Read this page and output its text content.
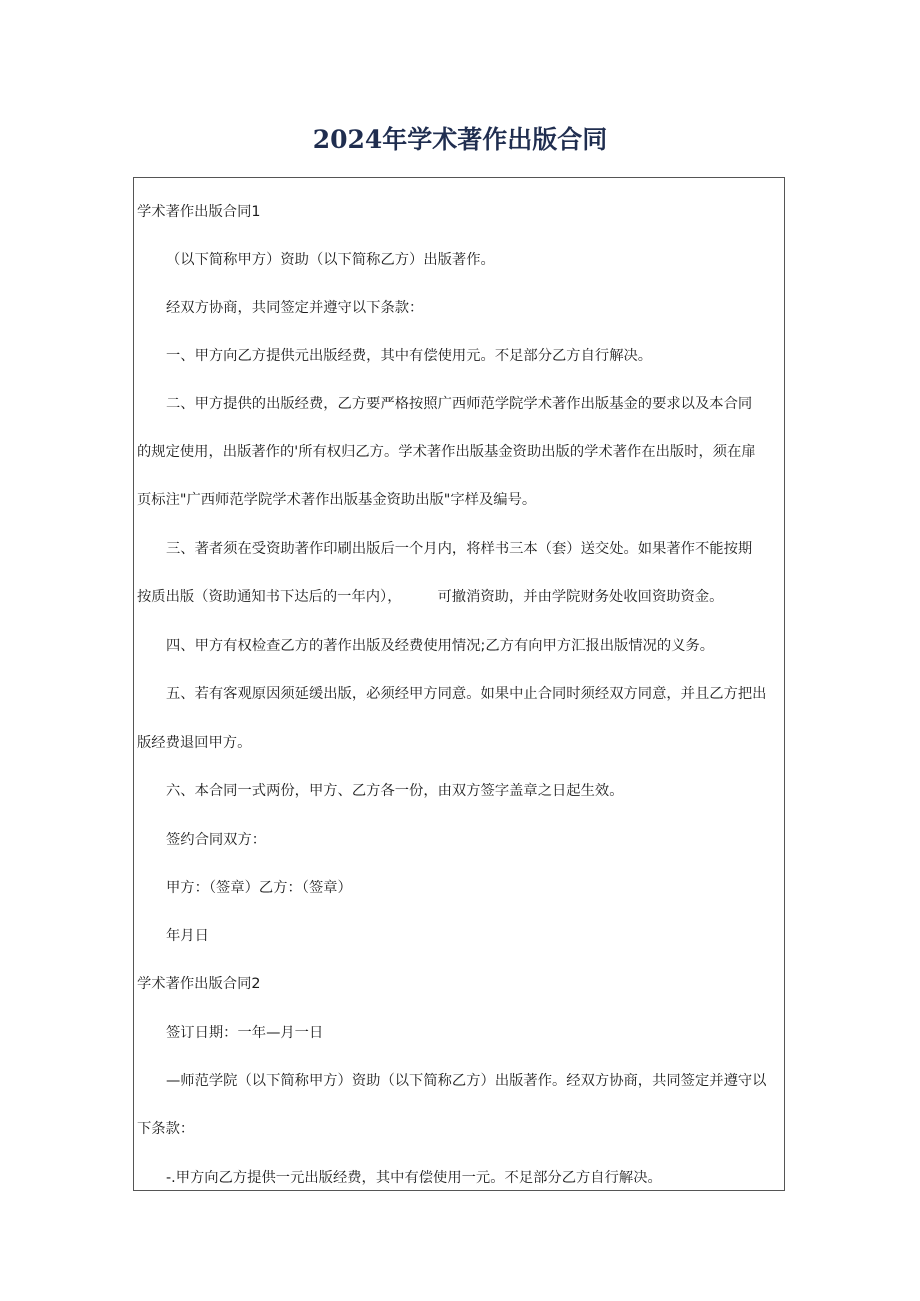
2024年学术著作出版合同
学术著作出版合同1
（以下简称甲方）资助（以下简称乙方）出版著作。
经双方协商，共同签定并遵守以下条款：
一、甲方向乙方提供元出版经费，其中有偿使用元。不足部分乙方自行解决。
二、甲方提供的出版经费，乙方要严格按照广西师范学院学术著作出版基金的要求以及本合同
的规定使用，出版著作的'所有权归乙方。学术著作出版基金资助出版的学术著作在出版时，须在扉
页标注"广西师范学院学术著作出版基金资助出版"字样及编号。
三、著者须在受资助著作印刷出版后一个月内，将样书三本（套）送交处。如果著作不能按期
按质出版（资助通知书下达后的一年内），	可撤消资助，并由学院财务处收回资助资金。
四、甲方有权检查乙方的著作出版及经费使用情况;乙方有向甲方汇报出版情况的义务。
五、若有客观原因须延缓出版，必须经甲方同意。如果中止合同时须经双方同意，并且乙方把出
版经费退回甲方。
六、本合同一式两份，甲方、乙方各一份，由双方签字盖章之日起生效。
签约合同双方：
甲方：（签章）乙方：（签章）
年月日
学术著作出版合同2
签订日期：一年—月一日
—师范学院（以下简称甲方）资助（以下简称乙方）出版著作。经双方协商，共同签定并遵守以
下条款：
-.甲方向乙方提供一元出版经费，其中有偿使用一元。不足部分乙方自行解决。
